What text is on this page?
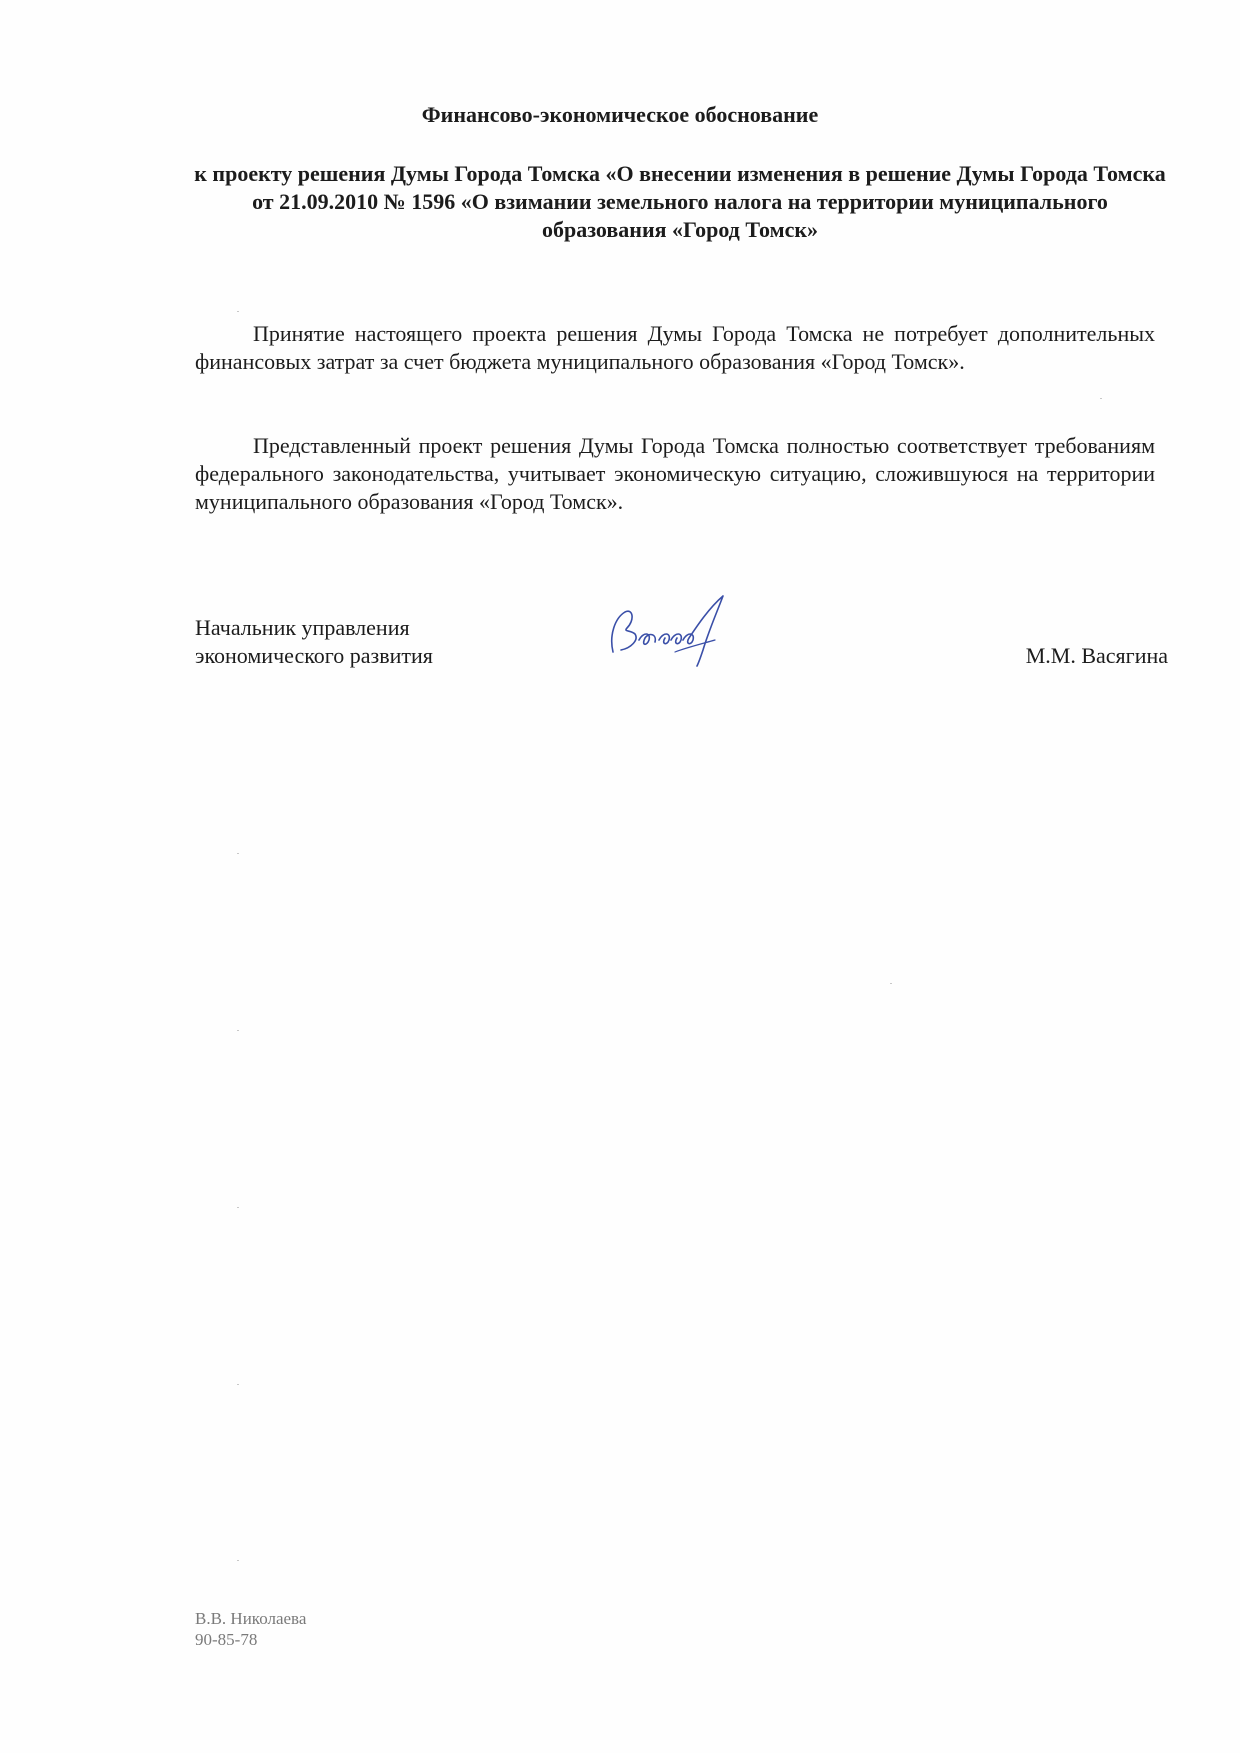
Финансово-экономическое обоснование
к проекту решения Думы Города Томска «О внесении изменения в решение Думы Города Томска от 21.09.2010 № 1596 «О взимании земельного налога на территории муниципального образования «Город Томск»
Принятие настоящего проекта решения Думы Города Томска не потребует дополнительных финансовых затрат за счет бюджета муниципального образования «Город Томск».
Представленный проект решения Думы Города Томска полностью соответствует требованиям федерального законодательства, учитывает экономическую ситуацию, сложившуюся на территории муниципального образования «Город Томск».
Начальник управления
экономического развития	М.М. Васягина
В.В. Николаева
90-85-78
